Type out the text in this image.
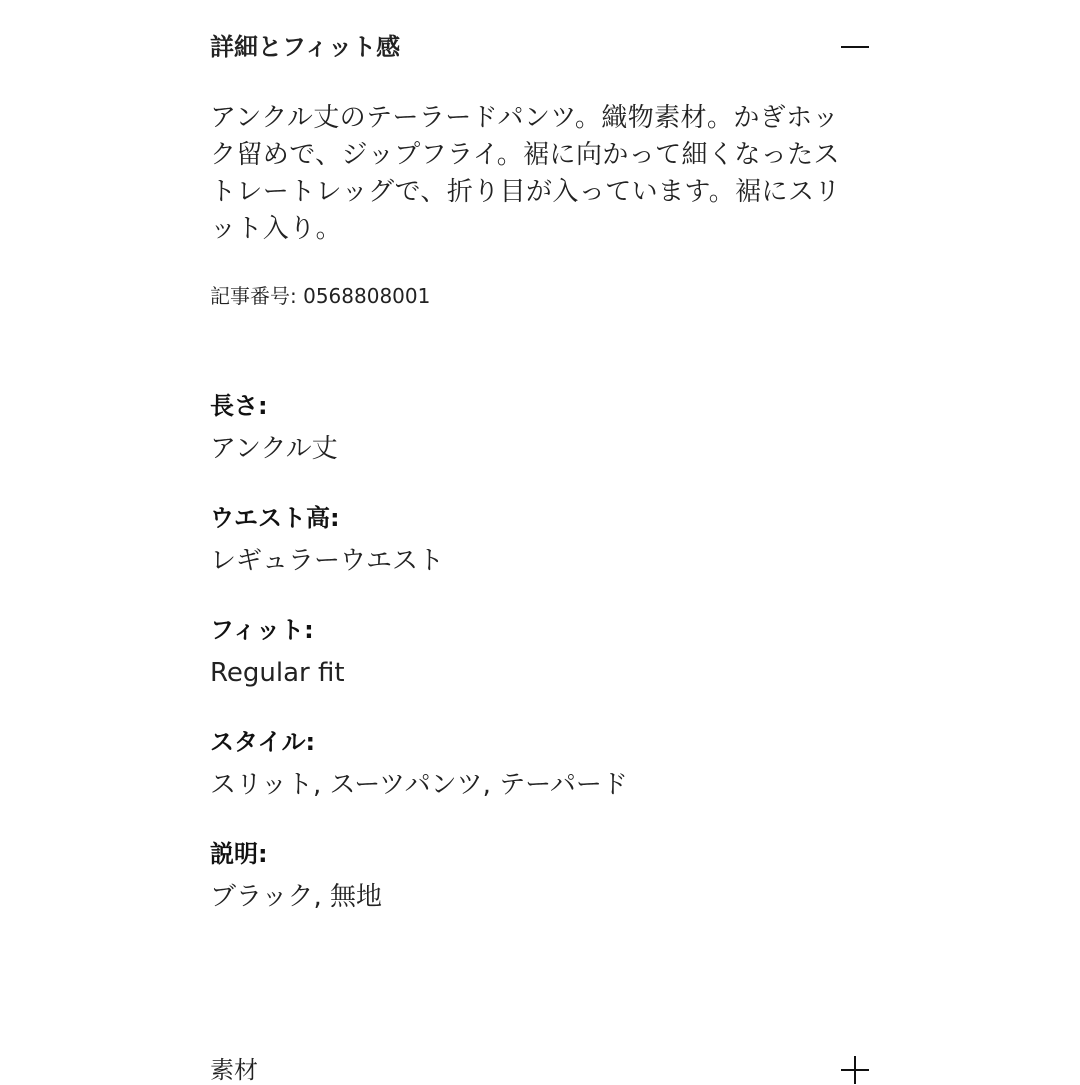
詳細とフィット感

アンクル丈のテーラードパンツ。織物素材。かぎホック留めで、ジップフライ。裾に向かって細くなったストレートレッグで、折り目が入っています。裾にスリット入り。

記事番号: 0568808001
長さ:
アンクル丈
ウエスト高:
レギュラーウエスト
フィット:
Regular fit
スタイル:
スリット, スーツパンツ, テーパード
説明:
ブラック, 無地
素材
